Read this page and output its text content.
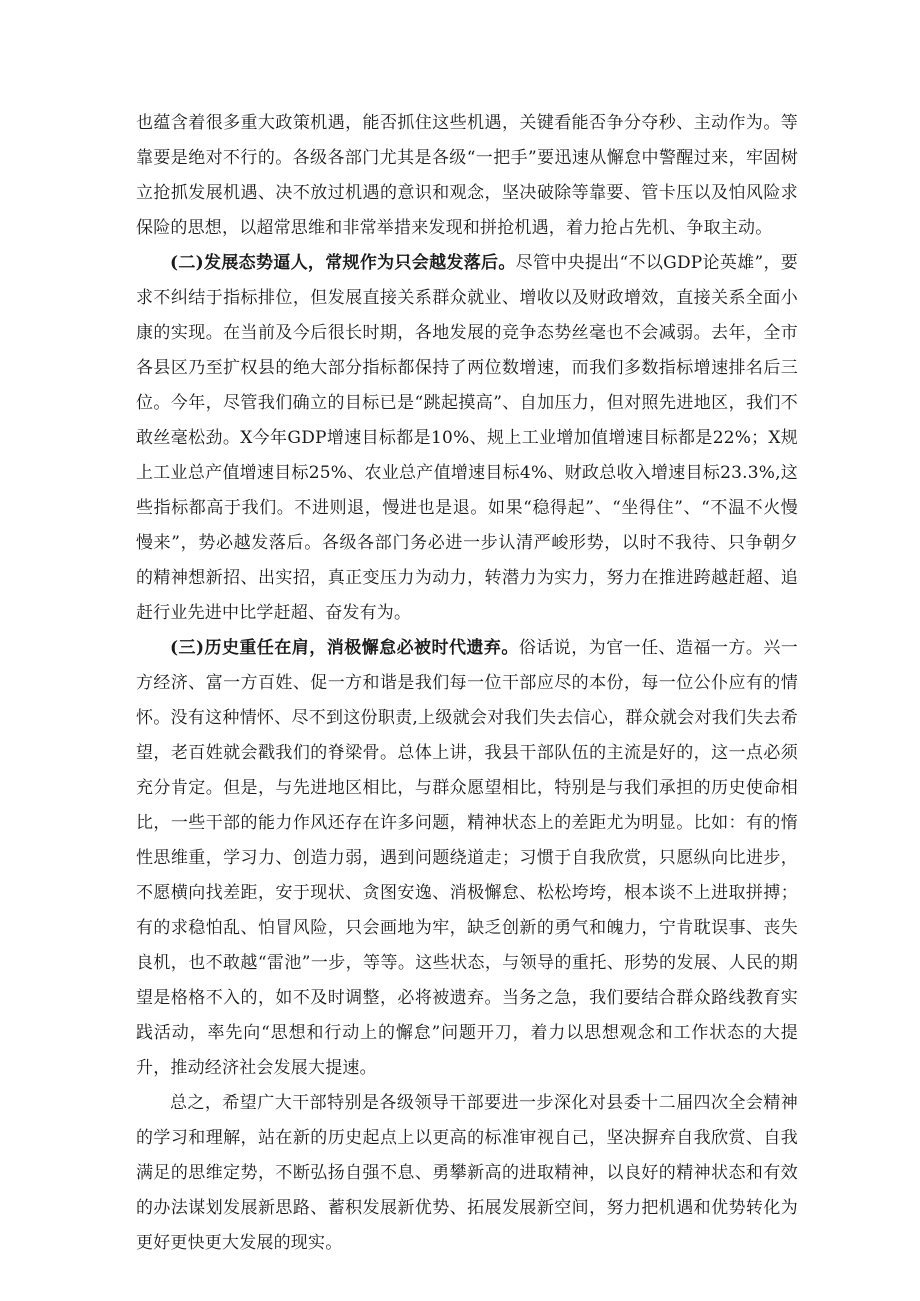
也蕴含着很多重大政策机遇，能否抓住这些机遇，关键看能否争分夺秒、主动作为。等靠要是绝对不行的。各级各部门尤其是各级“一把手”要迅速从懈怠中警醒过来，牢固树立抢抓发展机遇、决不放过机遇的意识和观念，坚决破除等靠要、管卡压以及怕风险求保险的思想，以超常思维和非常举措来发现和拼抢机遇，着力抢占先机、争取主动。

(二)发展态势逼人，常规作为只会越发落后。尽管中央提出“不以GDP论英雄”，要求不纠结于指标排位，但发展直接关系群众就业、增收以及财政增效，直接关系全面小康的实现。在当前及今后很长时期，各地发展的竞争态势丝毫也不会减弱。去年，全市各县区乃至扩权县的绝大部分指标都保持了两位数增速，而我们多数指标增速排名后三位。今年，尽管我们确立的目标已是“跳起摸高”、自加压力，但对照先进地区，我们不敢丝毫松劲。X今年GDP增速目标都是10%、规上工业增加值增速目标都是22%；X规上工业总产值增速目标25%、农业总产值增速目标4%、财政总收入增速目标23.3%,这些指标都高于我们。不进则退，慢进也是退。如果“稳得起”、“坐得住”、“不温不火慢慢来”，势必越发落后。各级各部门务必进一步认清严峻形势，以时不我待、只争朝夕的精神想新招、出实招，真正变压力为动力，转潜力为实力，努力在推进跨越赶超、追赶行业先进中比学赶超、奋发有为。

(三)历史重任在肩，消极懈怠必被时代遗弃。俗话说，为官一任、造福一方。兴一方经济、富一方百姓、促一方和谐是我们每一位干部应尽的本份，每一位公仆应有的情怀。没有这种情怀、尽不到这份职责,上级就会对我们失去信心，群众就会对我们失去希望，老百姓就会戳我们的脊梁骨。总体上讲，我县干部队伍的主流是好的，这一点必须充分肯定。但是，与先进地区相比，与群众愿望相比，特别是与我们承担的历史使命相比，一些干部的能力作风还存在许多问题，精神状态上的差距尤为明显。比如：有的惰性思维重，学习力、创造力弱，遇到问题绕道走；习惯于自我欣赏，只愿纵向比进步，不愿横向找差距，安于现状、贪图安逸、消极懈怠、松松垮垮，根本谈不上进取拼搏；有的求稳怕乱、怕冒风险，只会画地为牢，缺乏创新的勇气和魄力，宁肯耽误事、丧失良机，也不敢越“雷池”一步，等等。这些状态，与领导的重托、形势的发展、人民的期望是格格不入的，如不及时调整，必将被遗弃。当务之急，我们要结合群众路线教育实践活动，率先向“思想和行动上的懈怠”问题开刀，着力以思想观念和工作状态的大提升，推动经济社会发展大提速。

总之，希望广大干部特别是各级领导干部要进一步深化对县委十二届四次全会精神的学习和理解，站在新的历史起点上以更高的标准审视自己，坚决摒弃自我欣赏、自我满足的思维定势，不断弘扬自强不息、勇攀新高的进取精神，以良好的精神状态和有效的办法谋划发展新思路、蓄积发展新优势、拓展发展新空间，努力把机遇和优势转化为更好更快更大发展的现实。
